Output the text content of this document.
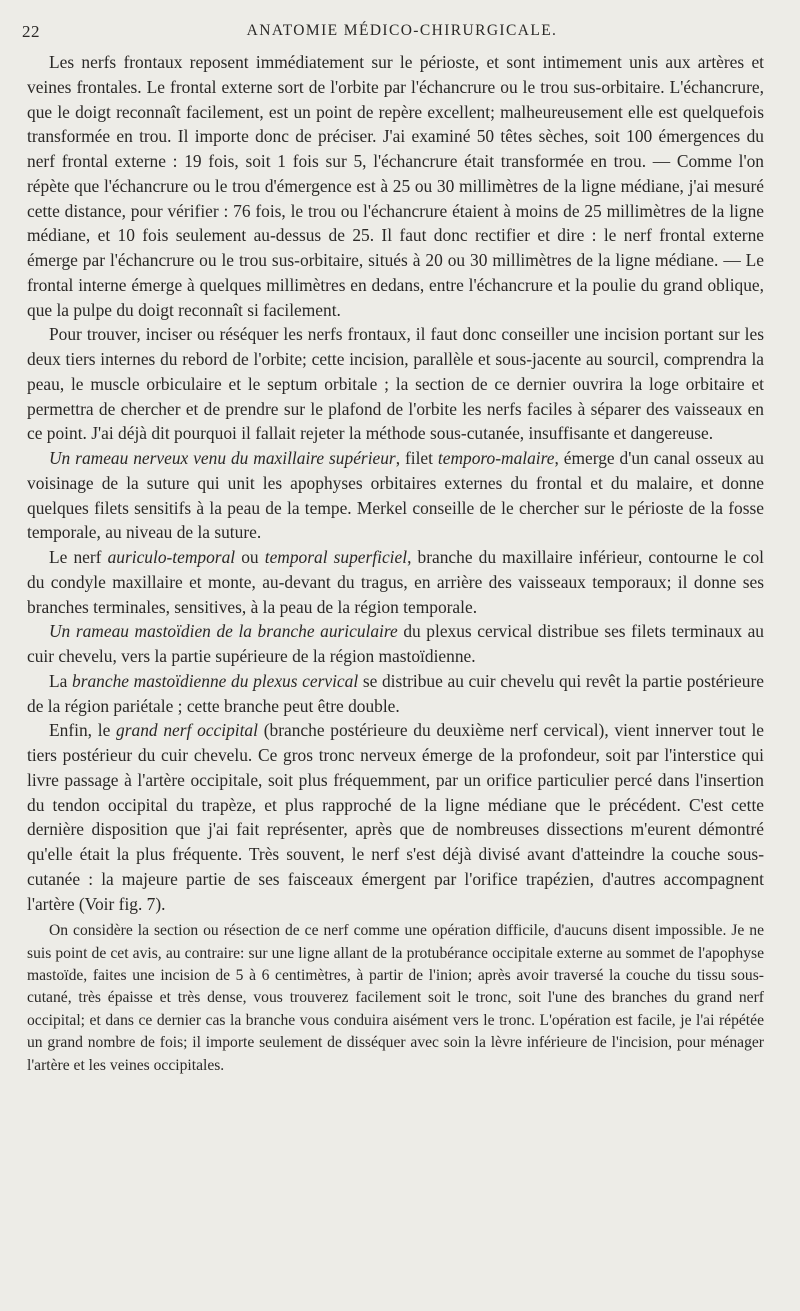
22	ANATOMIE MÉDICO-CHIRURGICALE.

Les nerfs frontaux reposent immédiatement sur le périoste, et sont intimement unis aux artères et veines frontales. Le frontal externe sort de l'orbite par l'échancrure ou le trou sus-orbitaire. L'échancrure, que le doigt reconnaît facilement, est un point de repère excellent; malheureusement elle est quelquefois transformée en trou. Il importe donc de préciser. J'ai examiné 50 têtes sèches, soit 100 émergences du nerf frontal externe : 19 fois, soit 1 fois sur 5, l'échancrure était transformée en trou. — Comme l'on répète que l'échancrure ou le trou d'émergence est à 25 ou 30 millimètres de la ligne médiane, j'ai mesuré cette distance, pour vérifier : 76 fois, le trou ou l'échancrure étaient à moins de 25 millimètres de la ligne médiane, et 10 fois seulement au-dessus de 25. Il faut donc rectifier et dire : le nerf frontal externe émerge par l'échancrure ou le trou sus-orbitaire, situés à 20 ou 30 millimètres de la ligne médiane. — Le frontal interne émerge à quelques millimètres en dedans, entre l'échancrure et la poulie du grand oblique, que la pulpe du doigt reconnaît si facilement.

Pour trouver, inciser ou réséquer les nerfs frontaux, il faut donc conseiller une incision portant sur les deux tiers internes du rebord de l'orbite; cette incision, parallèle et sous-jacente au sourcil, comprendra la peau, le muscle orbiculaire et le septum orbitale ; la section de ce dernier ouvrira la loge orbitaire et permettra de chercher et de prendre sur le plafond de l'orbite les nerfs faciles à séparer des vaisseaux en ce point. J'ai déjà dit pourquoi il fallait rejeter la méthode sous-cutanée, insuffisante et dangereuse.

Un rameau nerveux venu du maxillaire supérieur, filet temporo-malaire, émerge d'un canal osseux au voisinage de la suture qui unit les apophyses orbitaires externes du frontal et du malaire, et donne quelques filets sensitifs à la peau de la tempe. Merkel conseille de le chercher sur le périoste de la fosse temporale, au niveau de la suture.

Le nerf auriculo-temporal ou temporal superficiel, branche du maxillaire inférieur, contourne le col du condyle maxillaire et monte, au-devant du tragus, en arrière des vaisseaux temporaux; il donne ses branches terminales, sensitives, à la peau de la région temporale.

Un rameau mastoïdien de la branche auriculaire du plexus cervical distribue ses filets terminaux au cuir chevelu, vers la partie supérieure de la région mastoïdienne.

La branche mastoïdienne du plexus cervical se distribue au cuir chevelu qui revêt la partie postérieure de la région pariétale ; cette branche peut être double.

Enfin, le grand nerf occipital (branche postérieure du deuxième nerf cervical), vient innerver tout le tiers postérieur du cuir chevelu. Ce gros tronc nerveux émerge de la profondeur, soit par l'interstice qui livre passage à l'artère occipitale, soit plus fréquemment, par un orifice particulier percé dans l'insertion du tendon occipital du trapèze, et plus rapproché de la ligne médiane que le précédent. C'est cette dernière disposition que j'ai fait représenter, après que de nombreuses dissections m'eurent démontré qu'elle était la plus fréquente. Très souvent, le nerf s'est déjà divisé avant d'atteindre la couche sous-cutanée : la majeure partie de ses faisceaux émergent par l'orifice trapézien, d'autres accompagnent l'artère (Voir fig. 7).

On considère la section ou résection de ce nerf comme une opération difficile, d'aucuns disent impossible. Je ne suis point de cet avis, au contraire: sur une ligne allant de la protubérance occipitale externe au sommet de l'apophyse mastoïde, faites une incision de 5 à 6 centimètres, à partir de l'inion; après avoir traversé la couche du tissu sous-cutané, très épaisse et très dense, vous trouverez facilement soit le tronc, soit l'une des branches du grand nerf occipital; et dans ce dernier cas la branche vous conduira aisément vers le tronc. L'opération est facile, je l'ai répétée un grand nombre de fois; il importe seulement de disséquer avec soin la lèvre inférieure de l'incision, pour ménager l'artère et les veines occipitales.
